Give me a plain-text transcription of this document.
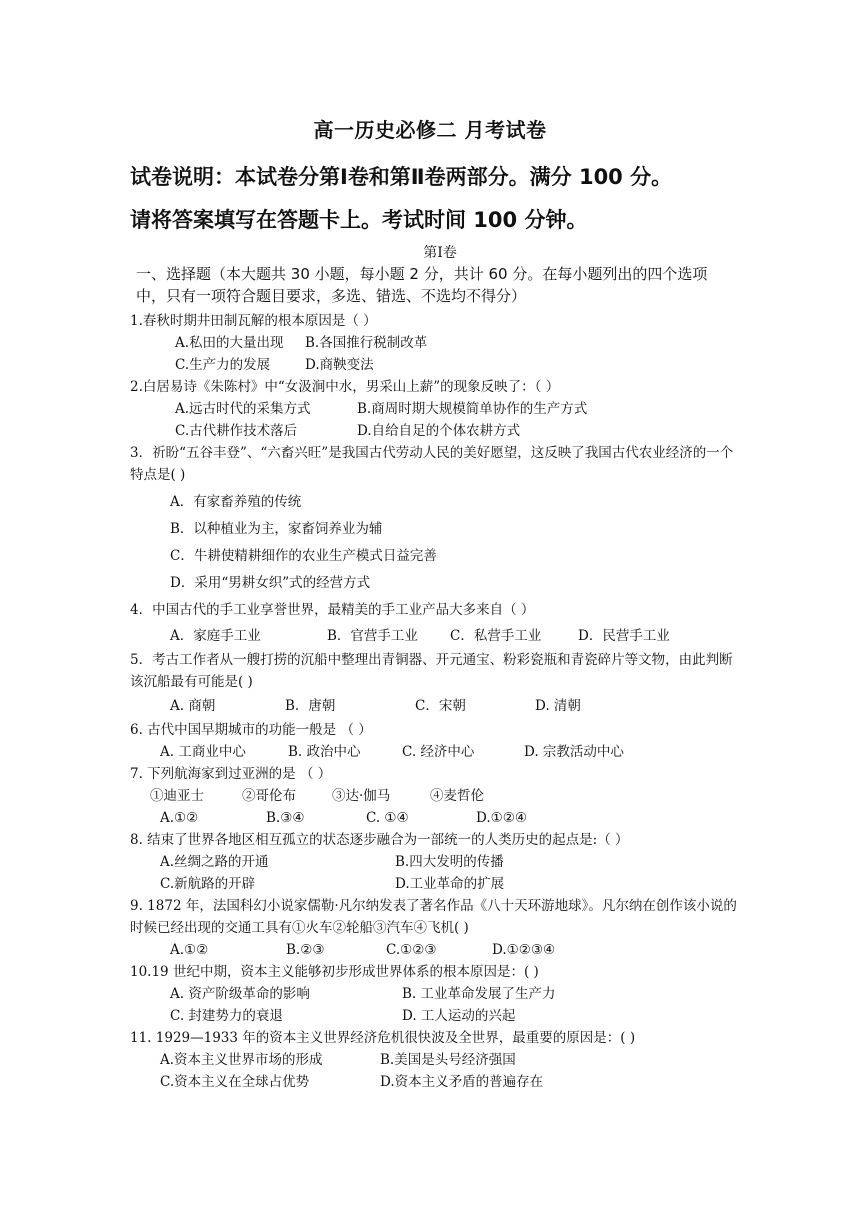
高一历史必修二 月考试卷
试卷说明：本试卷分第Ⅰ卷和第Ⅱ卷两部分。满分 100 分。
请将答案填写在答题卡上。考试时间 100 分钟。
第Ⅰ卷
一、选择题（本大题共 30 小题，每小题 2 分，共计 60 分。在每小题列出的四个选项中，只有一项符合题目要求，多选、错选、不选均不得分）
1.春秋时期井田制瓦解的根本原因是（ ）
A.私田的大量出现	B.各国推行税制改革
C.生产力的发展	D.商鞅变法
2.白居易诗《朱陈村》中“女汲涧中水，男采山上薪”的现象反映了：（ ）
A.远古时代的采集方式	B.商周时期大规模简单协作的生产方式
C.古代耕作技术落后	D.自给自足的个体农耕方式
3．祈盼“五谷丰登”、“六畜兴旺”是我国古代劳动人民的美好愿望，这反映了我国古代农业经济的一个特点是( )
A．有家畜养殖的传统
B．以种植业为主，家畜饲养业为辅
C．牛耕使精耕细作的农业生产模式日益完善
D．采用“男耕女织”式的经营方式
4．中国古代的手工业享誉世界，最精美的手工业产品大多来自（ ）
A．家庭手工业	B．官营手工业	C．私营手工业	D．民营手工业
5．考古工作者从一艘打捞的沉船中整理出青铜器、开元通宝、粉彩瓷瓶和青瓷碎片等文物，由此判断该沉船最有可能是( )
A. 商朝	B．唐朝	C．宋朝	D. 清朝
6. 古代中国早期城市的功能一般是 （ ）
A. 工商业中心	B. 政治中心	C. 经济中心	D. 宗教活动中心
7. 下列航海家到过亚洲的是 （ ）
①迪亚士	②哥伦布	③达·伽马	④麦哲伦
A.①②	B.③④	C. ①④	D.①②④
8. 结束了世界各地区相互孤立的状态逐步融合为一部统一的人类历史的起点是:（ ）
A.丝绸之路的开通	B.四大发明的传播
C.新航路的开辟	D.工业革命的扩展
9. 1872 年，法国科幻小说家儒勒·凡尔纳发表了著名作品《八十天环游地球》。凡尔纳在创作该小说的时候已经出现的交通工具有①火车②轮船③汽车④飞机( )
A.①②	B.②③	C.①②③	D.①②③④
10.19 世纪中期，资本主义能够初步形成世界体系的根本原因是：( )
A. 资产阶级革命的影响	B. 工业革命发展了生产力
C. 封建势力的衰退	D. 工人运动的兴起
11. 1929—1933 年的资本主义世界经济危机很快波及全世界，最重要的原因是：( )
A.资本主义世界市场的形成	B.美国是头号经济强国
C.资本主义在全球占优势	D.资本主义矛盾的普遍存在
